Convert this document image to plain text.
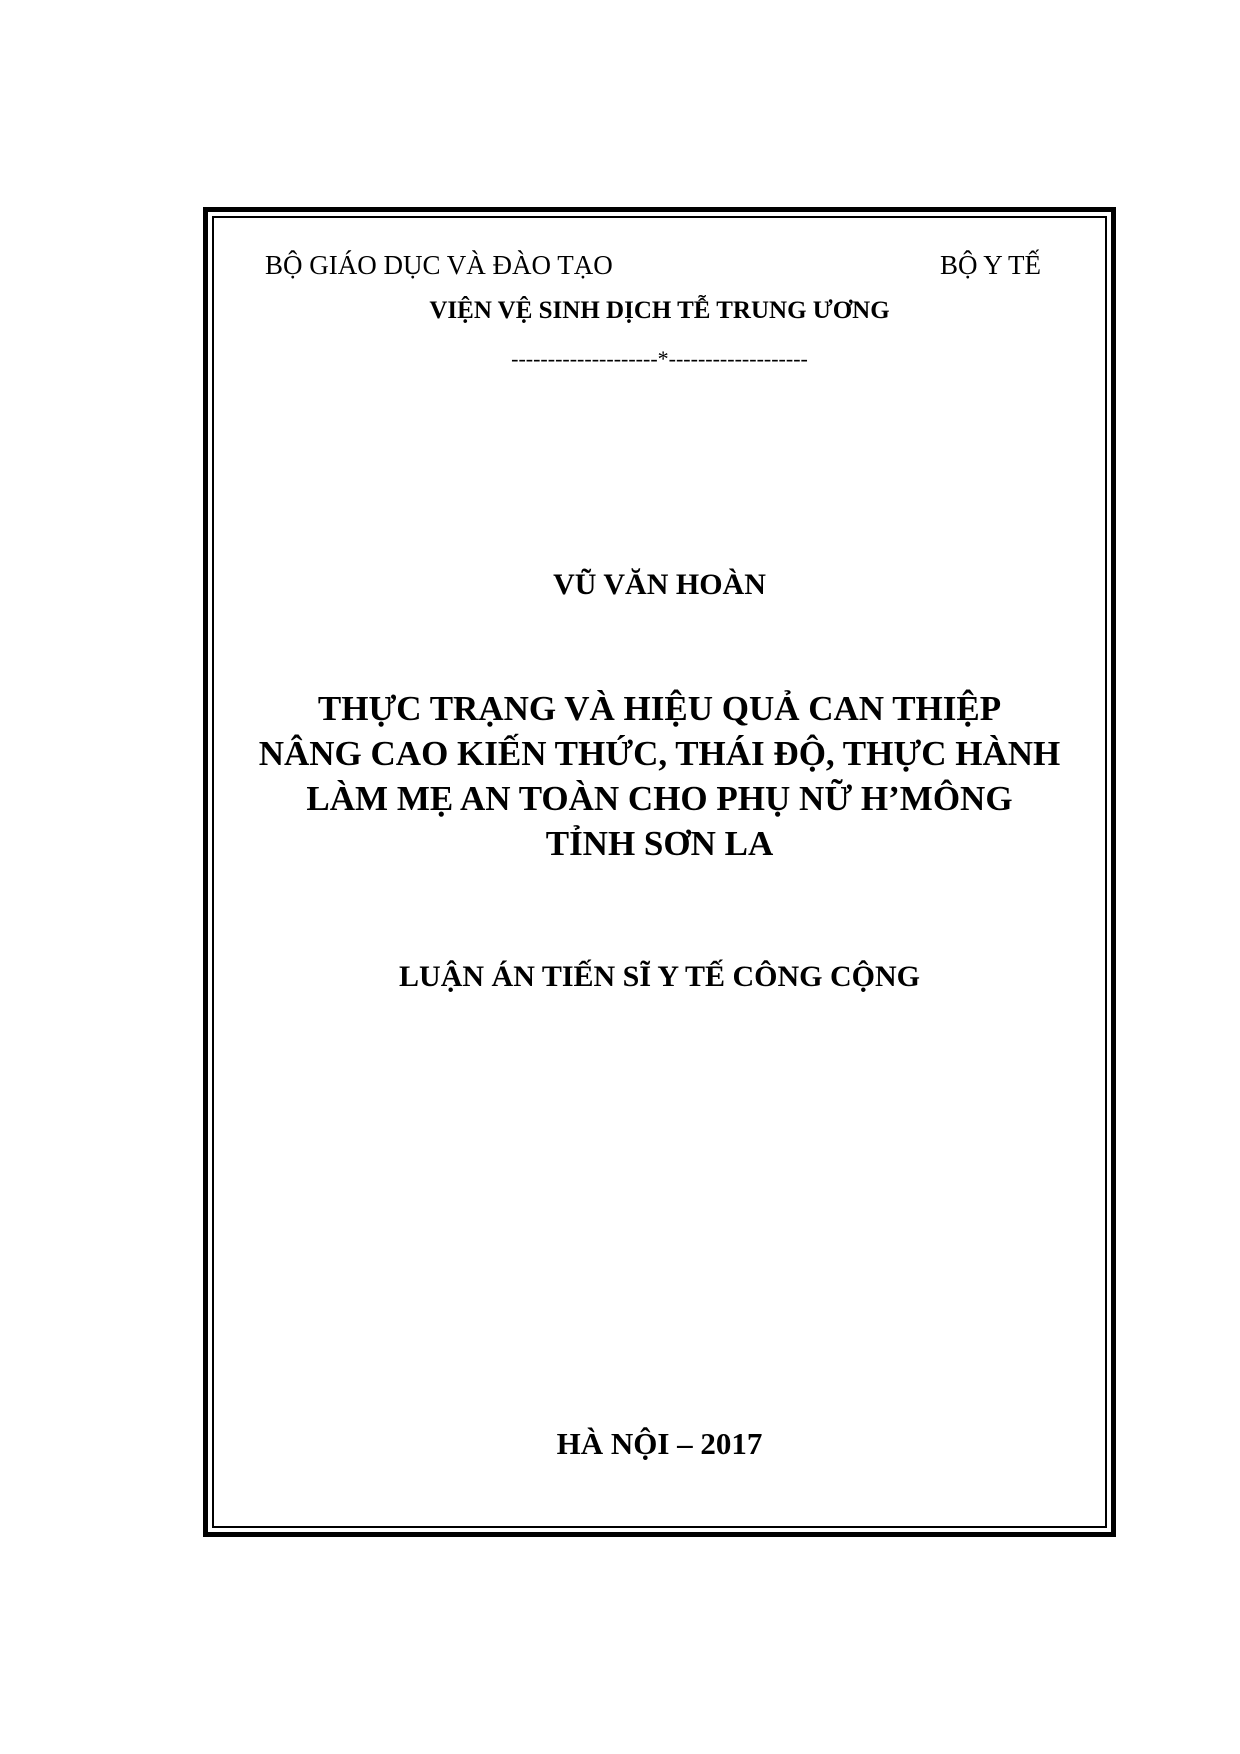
BỘ GIÁO DỤC VÀ ĐÀO TẠO	BỘ Y TẾ
VIỆN VỆ SINH DỊCH TỄ TRUNG ƯƠNG
--------------------*-------------------
VŨ VĂN HOÀN
THỰC TRẠNG VÀ HIỆU QUẢ CAN THIỆP
NÂNG CAO KIẾN THỨC, THÁI ĐỘ, THỰC HÀNH
LÀM MẸ AN TOÀN CHO PHỤ NỮ H’MÔNG
TỈNH SƠN LA
LUẬN ÁN TIẾN SĨ Y TẾ CÔNG CỘNG
HÀ NỘI – 2017
